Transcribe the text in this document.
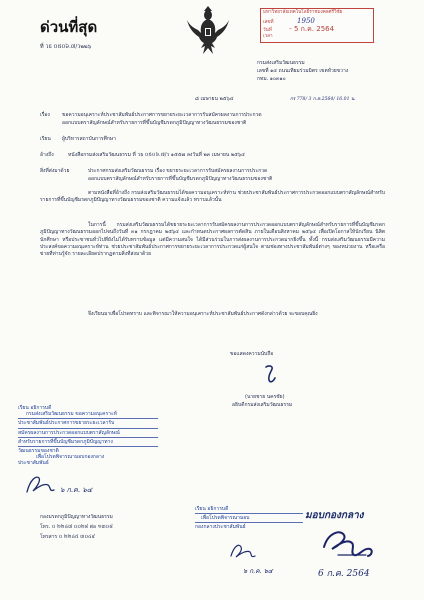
ด่วนที่สุด
ที่ วธ ០៥០៦.៧/ว๒๒๖
มหาวิทยาลัยเทคโนโลยีราชมงคลศรีวิชัย
เลขที่	1950
วันที่ - 5 ก.ค. 2564
เวลา
กรมส่งเสริมวัฒนธรรม
เลขที่ ๑๔ ถนนเทียมร่วมมิตร เขตห้วยขวาง
กทม. ๑๐๓๑๐
๘ เมษายน ๒๕๖๔	กร 778/ 3 ก.ค.2564/ 16.01 น.
เรื่อง ขอความอนุเคราะห์ประชาสัมพันธ์ประกาศการขยายระยะเวลาการรับสมัครผลงานการประกวด
ออกแบบตราสัญลักษณ์สำหรับรายการที่ขึ้นบัญชีมรดกภูมิปัญญาทางวัฒนธรรมของชาติ
เรียน ผู้บริหารสถาบันการศึกษา
อ้างถึง	หนังสือกรมส่งเสริมวัฒนธรรม ที่ วธ ០៥០៦.៧/ว ๑๕๕๗ ลงวันที่ ๒๓ เมษายน ๒๕๖๔
สิ่งที่ส่งมาด้วย	ประกาศกรมส่งเสริมวัฒนธรรม เรื่อง ขยายระยะเวลาการรับสมัครผลงานการประกวด
ออกแบบตราสัญลักษณ์สำหรับรายการที่ขึ้นบัญชีมรดกภูมิปัญญาทางวัฒนธรรมของชาติ
ตามหนังสือที่อ้างถึง กรมส่งเสริมวัฒนธรรมได้ขอความอนุเคราะห์ท่าน ช่วยประชาสัมพันธ์ประกาศการประกวดออกแบบตราสัญลักษณ์สำหรับรายการที่ขึ้นบัญชีมรดกภูมิปัญญาทางวัฒนธรรมของชาติ ความแจ้งแล้ว ทราบแล้วนั้น
ในการนี้ กรมส่งเสริมวัฒนธรรมได้ขยายระยะเวลาการรับสมัครผลงานการประกวดออกแบบตราสัญลักษณ์สำหรับรายการที่ขึ้นบัญชีมรดกภูมิปัญญาทางวัฒนธรรมออกไปจนถึงวันที่ ๓๑ กรกฎาคม ๒๕๖๔ และกำหนดประกาศผลการตัดสิน ภายในเดือนสิงหาคม ๒๕๖๔ เพื่อเปิดโอกาสให้นักเรียน นิสิตนักศึกษา หรือประชาชนทั่วไปที่ยังไม่ได้รับทราบข้อมูล แต่มีความสนใจ ได้มีส่วนร่วมในการส่งผลงานการประกวดมากยิ่งขึ้น ทั้งนี้ กรมส่งเสริมวัฒนธรรมมีความประสงค์ขอความอนุเคราะห์ท่าน ช่วยประชาสัมพันธ์ประกาศการขยายระยะเวลาการประกวดแก่ผู้สนใจ ตามช่องทางประชาสัมพันธ์ต่างๆ ของหน่วยงาน หรือเครือข่ายที่ท่านรู้จัก รายละเอียดปรากฏตามสิ่งที่ส่งมาด้วย
จึงเรียนมาเพื่อโปรดทราบ และพิจารณาให้ความอนุเคราะห์ประชาสัมพันธ์ประกาศดังกล่าวด้วย จะขอบคุณยิ่ง
ขอแสดงความนับถือ
(นายชาย นครชัย)
อธิบดีกรมส่งเสริมวัฒนธรรม
เรียน อธิการบดี
กรมส่งเสริมวัฒนธรรม ขอความอนุเคราะห์
ประชาสัมพันธ์ประกาศการขยายระยะเวลารับ
สมัครผลงานการประกวดออกแบบตราสัญลักษณ์
สำหรับรายการที่ขึ้นบัญชีมรดกภูมิปัญญาทาง
วัฒนธรรมของชาติ
เพื่อโปรดพิจารณามอบกองกลาง
ประชาสัมพันธ์
๖ ก.ค. ๖๔
กองมรดกภูมิปัญญาทางวัฒนธรรม
โทร. ០ ២២៤៧ ០០២៨ ต่อ ១៣០៨
โทรสาร ០ ២២៤៥ ៣០៤៩
เรียน อธิการบดี
เพื่อโปรดพิจารณามอบ
กองกลางประชาสัมพันธ์
๖ ก.ค. ๖๔
มอบกองกลาง
6 ก.ค. 2564
